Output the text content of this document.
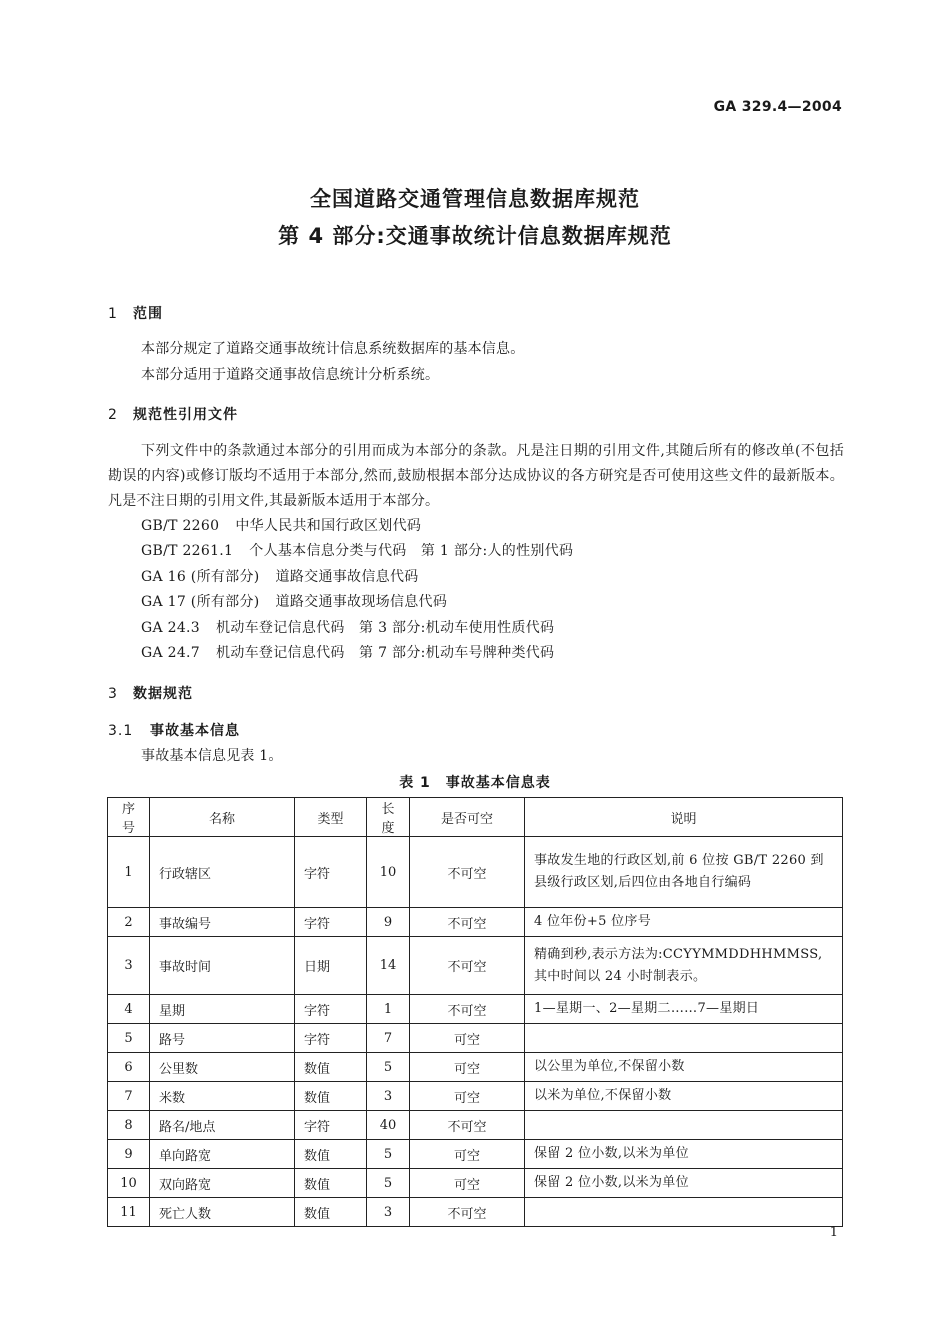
GA 329.4—2004
全国道路交通管理信息数据库规范
第 4 部分:交通事故统计信息数据库规范
1 范围
本部分规定了道路交通事故统计信息系统数据库的基本信息。
本部分适用于道路交通事故信息统计分析系统。
2 规范性引用文件
下列文件中的条款通过本部分的引用而成为本部分的条款。凡是注日期的引用文件,其随后所有的修改单(不包括勘误的内容)或修订版均不适用于本部分,然而,鼓励根据本部分达成协议的各方研究是否可使用这些文件的最新版本。凡是不注日期的引用文件,其最新版本适用于本部分。
GB/T 2260 中华人民共和国行政区划代码
GB/T 2261.1 个人基本信息分类与代码　第 1 部分:人的性别代码
GA 16 (所有部分) 道路交通事故信息代码
GA 17 (所有部分) 道路交通事故现场信息代码
GA 24.3 机动车登记信息代码　第 3 部分:机动车使用性质代码
GA 24.7 机动车登记信息代码　第 7 部分:机动车号牌种类代码
3 数据规范
3.1 事故基本信息
事故基本信息见表 1。
表 1　事故基本信息表
序号	名称	类型	长度	是否可空	说明
1	行政辖区	字符	10	不可空	事故发生地的行政区划,前 6 位按 GB/T 2260 到县级行政区划,后四位由各地自行编码
2	事故编号	字符	9	不可空	4 位年份+5 位序号
3	事故时间	日期	14	不可空	精确到秒,表示方法为:CCYYMMDDHHMMSS,其中时间以 24 小时制表示。
4	星期	字符	1	不可空	1—星期一、2—星期二……7—星期日
5	路号	字符	7	可空	
6	公里数	数值	5	可空	以公里为单位,不保留小数
7	米数	数值	3	可空	以米为单位,不保留小数
8	路名/地点	字符	40	不可空	
9	单向路宽	数值	5	可空	保留 2 位小数,以米为单位
10	双向路宽	数值	5	可空	保留 2 位小数,以米为单位
11	死亡人数	数值	3	不可空	
1
